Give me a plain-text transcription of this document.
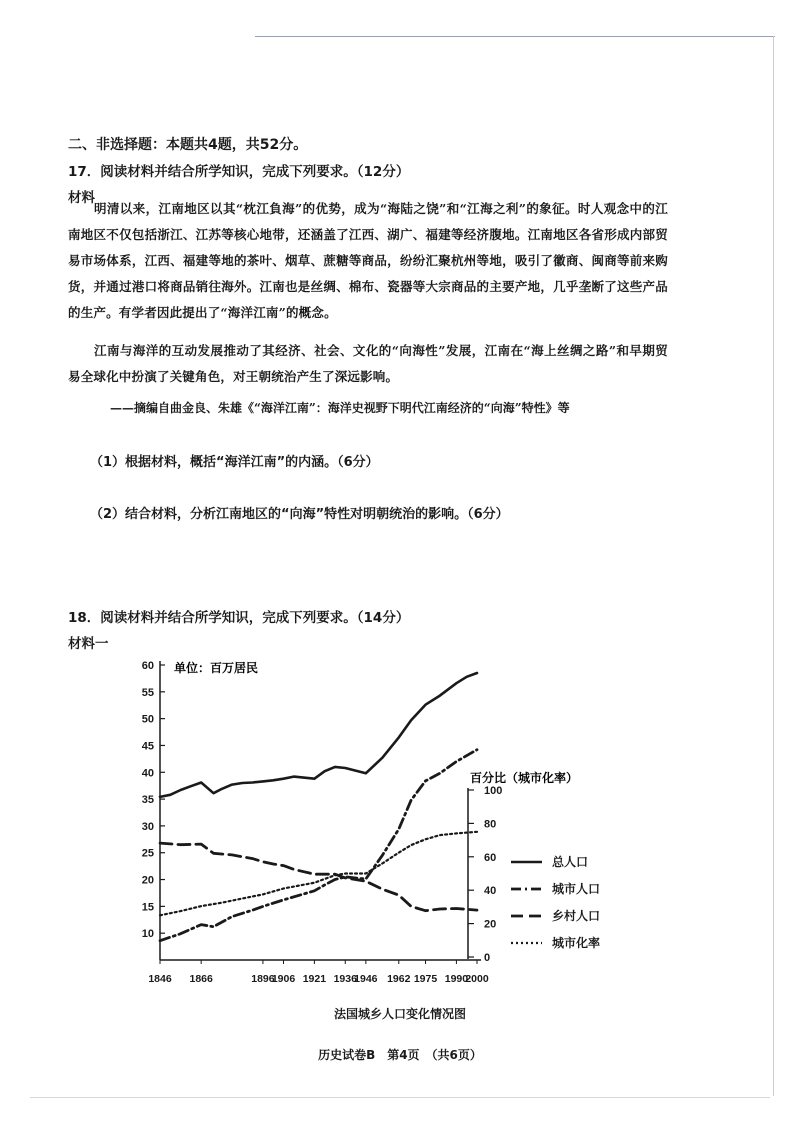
二、非选择题：本题共4题，共52分。
17．阅读材料并结合所学知识，完成下列要求。（12分）
材料

明清以来，江南地区以其“枕江負海”的优势，成为“海陆之饶”和“江海之利”的象征。时人观念中的江南地区不仅包括浙江、江苏等核心地带，还涵盖了江西、湖广、福建等经济腹地。江南地区各省形成内部贸易市场体系，江西、福建等地的茶叶、烟草、蔗糖等商品，纷纷汇聚杭州等地，吸引了徽商、闽商等前来购货，并通过港口将商品销往海外。江南也是丝绸、棉布、瓷器等大宗商品的主要产地，几乎垄断了这些产品的生产。有学者因此提出了“海洋江南”的概念。

江南与海洋的互动发展推动了其经济、社会、文化的“向海性”发展，江南在“海上丝绸之路”和早期贸易全球化中扮演了关键角色，对王朝统治产生了深远影响。

——摘编自曲金良、朱雄《“海洋江南”：海洋史视野下明代江南经济的“向海”特性》等
（1）根据材料，概括“海洋江南”的内涵。（6分）
（2）结合材料，分析江南地区的“向海”特性对明朝统治的影响。（6分）
18．阅读材料并结合所学知识，完成下列要求。（14分）
材料一
10
15
20
25
30
35
40
45
50
55
60
0
20
40
60
80
100
1846 1866	1896
1906 1921 1936
1946 1962 1975 1990
2000
总人口
城市人口
乡村人口
城市化率
单位：百万居民
百分比（城市化率）
法国城乡人口变化情况图
历史试卷B　第4页　（共6页）
